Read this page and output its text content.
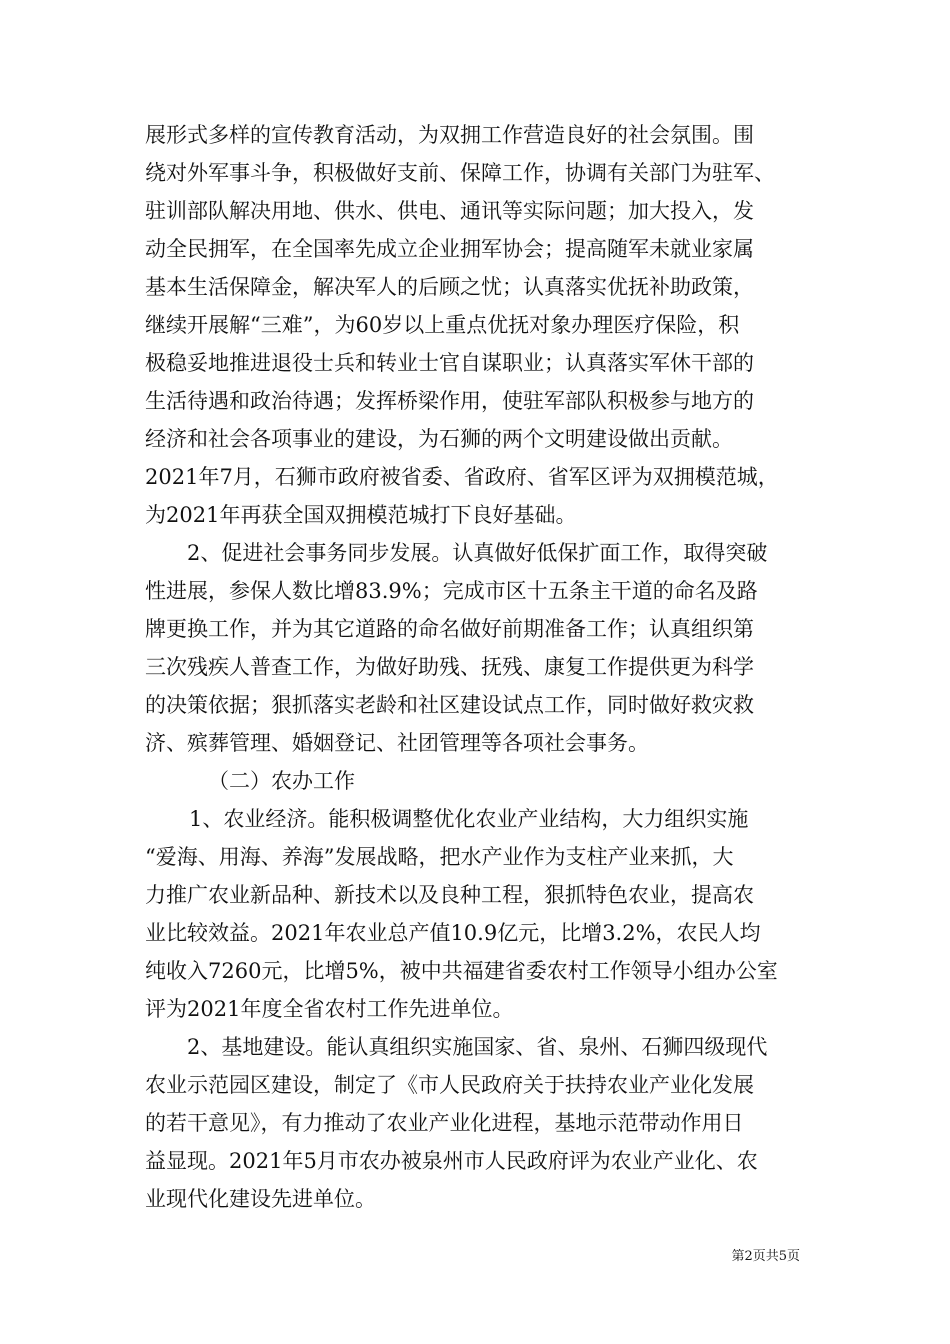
展形式多样的宣传教育活动，为双拥工作营造良好的社会氛围。围
绕对外军事斗争，积极做好支前、保障工作，协调有关部门为驻军、
驻训部队解决用地、供水、供电、通讯等实际问题；加大投入，发
动全民拥军，在全国率先成立企业拥军协会；提高随军未就业家属
基本生活保障金，解决军人的后顾之忧；认真落实优抚补助政策，
继续开展解“三难”，为60岁以上重点优抚对象办理医疗保险，积
极稳妥地推进退役士兵和转业士官自谋职业；认真落实军休干部的
生活待遇和政治待遇；发挥桥梁作用，使驻军部队积极参与地方的
经济和社会各项事业的建设，为石狮的两个文明建设做出贡献。
2021年7月，石狮市政府被省委、省政府、省军区评为双拥模范城，
为2021年再获全国双拥模范城打下良好基础。
2、促进社会事务同步发展。认真做好低保扩面工作，取得突破
性进展，参保人数比增83.9%；完成市区十五条主干道的命名及路
牌更换工作，并为其它道路的命名做好前期准备工作；认真组织第
三次残疾人普查工作，为做好助残、抚残、康复工作提供更为科学
的决策依据；狠抓落实老龄和社区建设试点工作，同时做好救灾救
济、殡葬管理、婚姻登记、社团管理等各项社会事务。
（二）农办工作
1、农业经济。能积极调整优化农业产业结构，大力组织实施
“爱海、用海、养海”发展战略，把水产业作为支柱产业来抓，大
力推广农业新品种、新技术以及良种工程，狠抓特色农业，提高农
业比较效益。2021年农业总产值10.9亿元，比增3.2%，农民人均
纯收入7260元，比增5%，被中共福建省委农村工作领导小组办公室
评为2021年度全省农村工作先进单位。
2、基地建设。能认真组织实施国家、省、泉州、石狮四级现代
农业示范园区建设，制定了《市人民政府关于扶持农业产业化发展
的若干意见》，有力推动了农业产业化进程，基地示范带动作用日
益显现。2021年5月市农办被泉州市人民政府评为农业产业化、农
业现代化建设先进单位。
第2页共5页
